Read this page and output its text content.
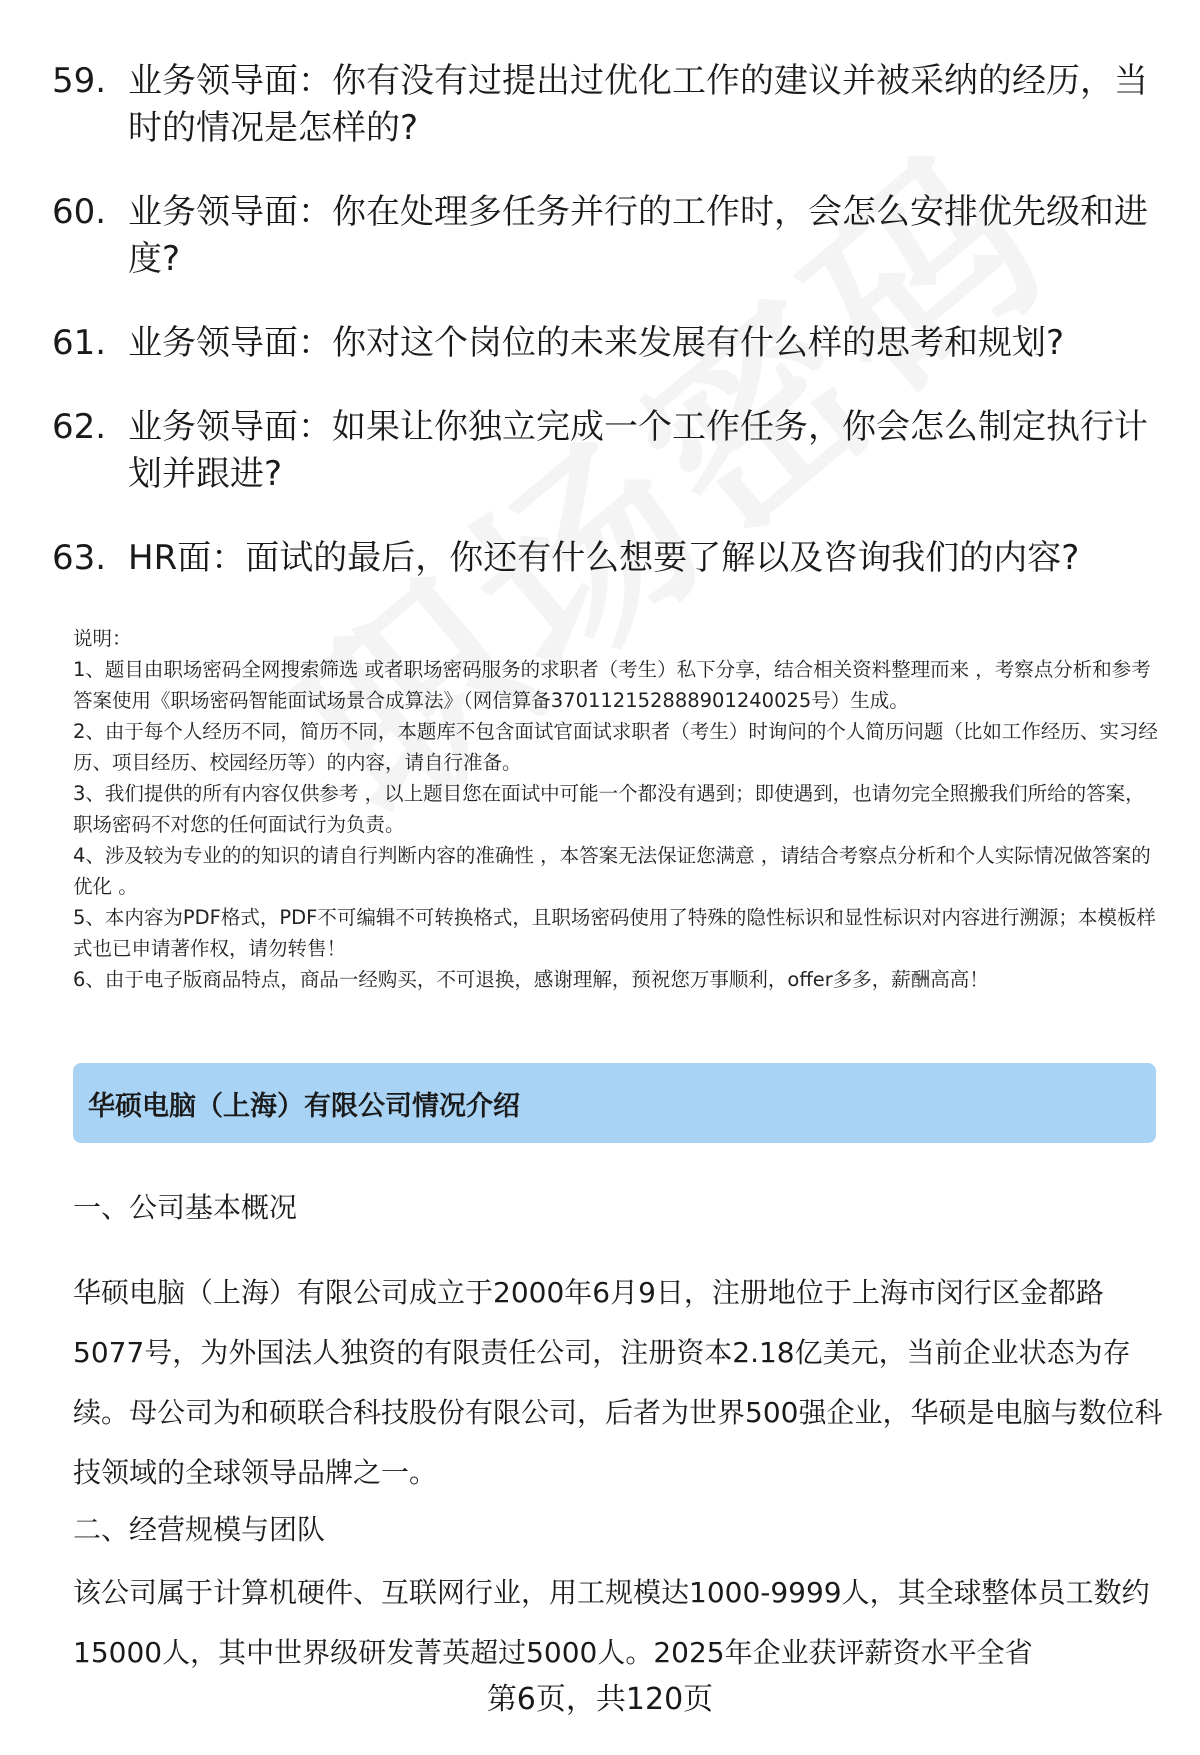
59. 业务领导面：你有没有过提出过优化工作的建议并被采纳的经历，当时的情况是怎样的?
60. 业务领导面：你在处理多任务并行的工作时，会怎么安排优先级和进度?
61. 业务领导面：你对这个岗位的未来发展有什么样的思考和规划?
62. 业务领导面：如果让你独立完成一个工作任务，你会怎么制定执行计划并跟进?
63. HR面：面试的最后，你还有什么想要了解以及咨询我们的内容?

说明：

1、题目由职场密码全网搜索筛选 或者职场密码服务的求职者（考生）私下分享，结合相关资料整理而来 ，考察点分析和参考答案使用《职场密码智能面试场景合成算法》（网信算备370112152888901240025号）生成。

2、由于每个人经历不同，简历不同，本题库不包含面试官面试求职者（考生）时询问的个人简历问题（比如工作经历、实习经历、项目经历、校园经历等）的内容，请自行准备。

3、我们提供的所有内容仅供参考 ，以上题目您在面试中可能一个都没有遇到；即使遇到，也请勿完全照搬我们所给的答案，职场密码不对您的任何面试行为负责。

4、涉及较为专业的的知识的请自行判断内容的准确性 ，本答案无法保证您满意 ，请结合考察点分析和个人实际情况做答案的优化 。

5、本内容为PDF格式，PDF不可编辑不可转换格式，且职场密码使用了特殊的隐性标识和显性标识对内容进行溯源；本模板样式也已申请著作权，请勿转售！

6、由于电子版商品特点，商品一经购买，不可退换，感谢理解，预祝您万事顺利，offer多多，薪酬高高！

华硕电脑（上海）有限公司情况介绍
一、公司基本概况
华硕电脑（上海）有限公司成立于2000年6月9日，注册地位于上海市闵行区金都路5077号，为外国法人独资的有限责任公司，注册资本2.18亿美元，当前企业状态为存续。母公司为和硕联合科技股份有限公司，后者为世界500强企业，华硕是电脑与数位科技领域的全球领导品牌之一。
二、经营规模与团队
该公司属于计算机硬件、互联网行业，用工规模达1000-9999人，其全球整体员工数约15000人，其中世界级研发菁英超过5000人。2025年企业获评薪资水平全省
第6页，共120页
